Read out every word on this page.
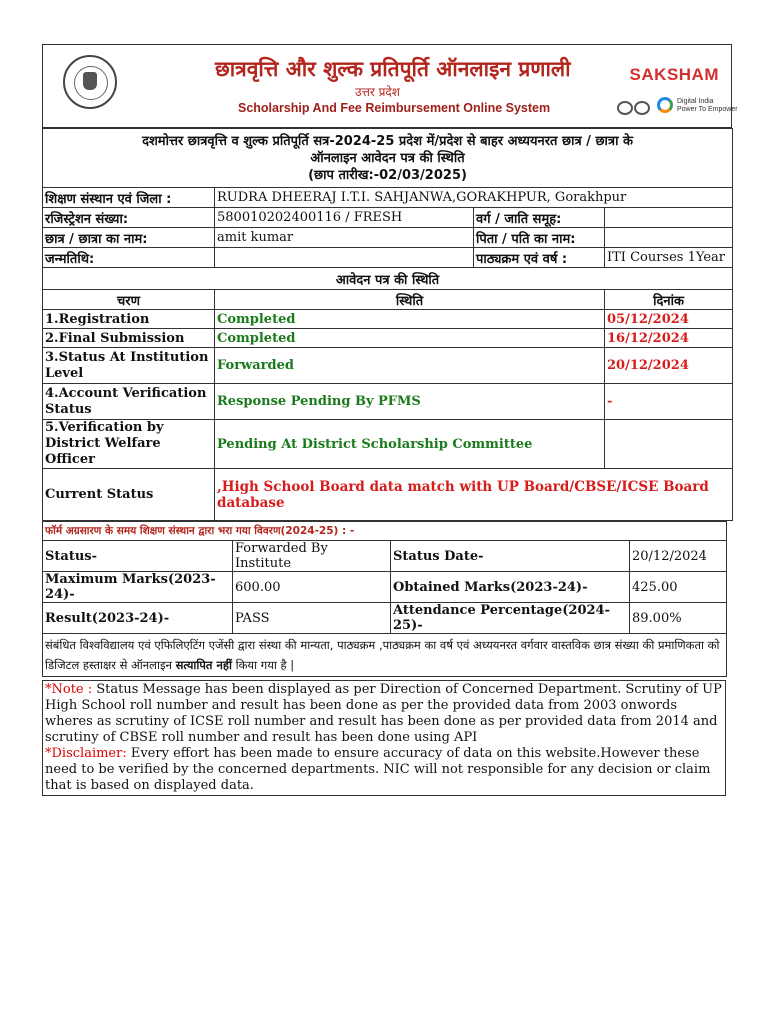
छात्रवृत्ति और शुल्क प्रतिपूर्ति ऑनलाइन प्रणाली
उत्तर प्रदेश
Scholarship And Fee Reimbursement Online System
SAKSHAM
Digital India
Power To Empower
दशमोत्तर छात्रवृत्ति व शुल्क प्रतिपूर्ति सत्र-2024-25 प्रदेश में/प्रदेश से बाहर अध्ययनरत छात्र / छात्रा के
ऑनलाइन आवेदन पत्र की स्थिति
(छाप तारीख:-02/03/2025)			

शिक्षण संस्थान एवं जिला :	RUDRA DHEERAJ I.T.I. SAHJANWA,GORAKHPUR, Gorakhpur		
रजिस्ट्रेशन संख्या:	580010202400116 / FRESH	वर्ग / जाति समूह:	
छात्र / छात्रा का नाम:	amit kumar	पिता / पति का नाम:	
जन्मतिथि:		पाठ्यक्रम एवं वर्ष :	ITI Courses 1Year
आवेदन पत्र की स्थिति			
चरण	स्थिति		दिनांक
1.Registration	Completed		05/12/2024
2.Final Submission	Completed		16/12/2024
3.Status At Institution Level	Forwarded		20/12/2024
4.Account Verification Status	Response Pending By PFMS		-
5.Verification by District Welfare Officer	Pending At District Scholarship Committee		
Current Status	,High School Board data match with UP Board/CBSE/ICSE Board database		
फॉर्म अग्रसारण के समय शिक्षण संस्थान द्वारा भरा गया विवरण(2024-25) : -			
Status-	Forwarded By Institute	Status Date-	20/12/2024
Maximum Marks(2023-24)-	600.00	Obtained Marks(2023-24)-	425.00
Result(2023-24)-	PASS	Attendance Percentage(2024-25)-	89.00%
संबंधित विश्वविद्यालय एवं एफिलिएटिंग एजेंसी द्वारा संस्था की मान्यता, पाठ्यक्रम ,पाठ्यक्रम का वर्ष एवं अध्ययनरत वर्गवार वास्तविक छात्र संख्या की प्रमाणिकता को डिजिटल हस्ताक्षर से ऑनलाइन सत्यापित नहीं किया गया है |			
*Note : Status Message has been displayed as per Direction of Concerned Department. Scrutiny of UP High School roll number and result has been done as per the provided data from 2003 onwords wheres as scrutiny of ICSE roll number and result has been done as per provided data from 2014 and scrutiny of CBSE roll number and result has been done using API
*Disclaimer: Every effort has been made to ensure accuracy of data on this website.However these need to be verified by the concerned departments. NIC will not responsible for any decision or claim that is based on displayed data.
